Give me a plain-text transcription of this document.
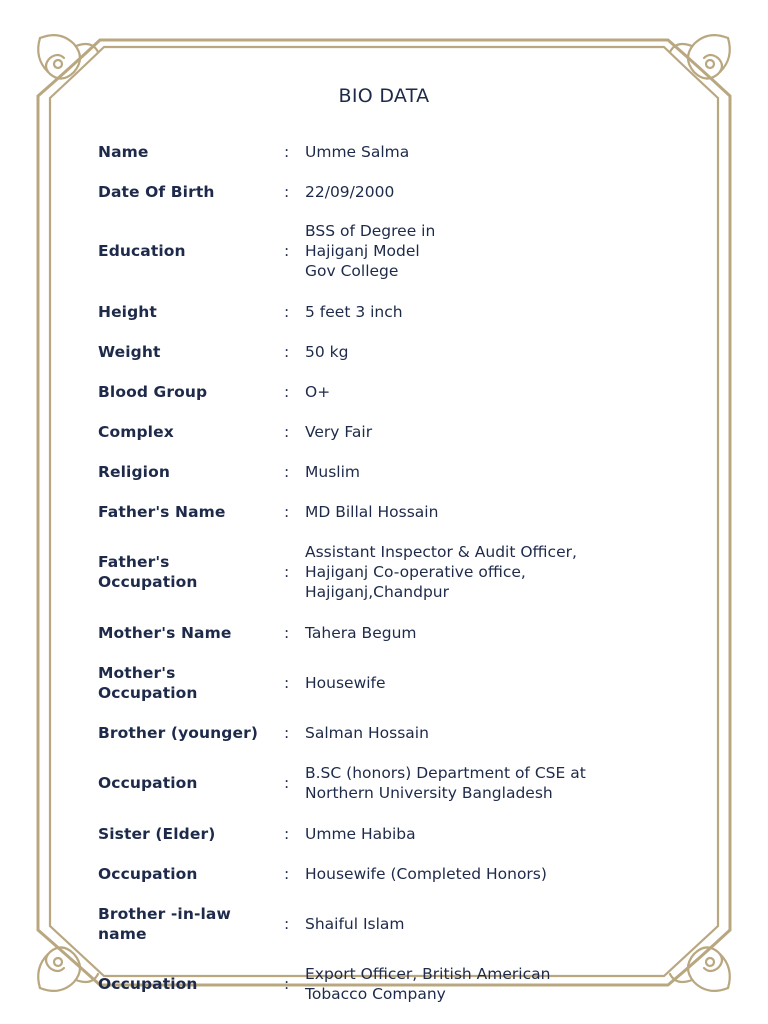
BIO DATA
Name	:	Umme Salma
Date Of Birth	:	22/09/2000
Education	:
BSS of Degree in
Hajiganj Model
Gov College
Height	:	5 feet 3 inch
Weight	:	50 kg
Blood Group	:	O+
Complex	:	Very Fair
Religion	:	Muslim
Father's Name	:	MD Billal Hossain
Father's
Occupation
:
Assistant Inspector & Audit Officer,
Hajiganj Co-operative office,
Hajiganj,Chandpur
Mother's Name	:	Tahera Begum
Mother's
Occupation
:	Housewife
Brother (younger)	:	Salman Hossain
Occupation	:
B.SC (honors) Department of CSE at
Northern University Bangladesh
Sister (Elder)	:	Umme Habiba
Occupation	:	Housewife (Completed Honors)
Brother -in-law
name
:	Shaiful Islam
Occupation	:
Export Officer, British American
Tobacco Company
